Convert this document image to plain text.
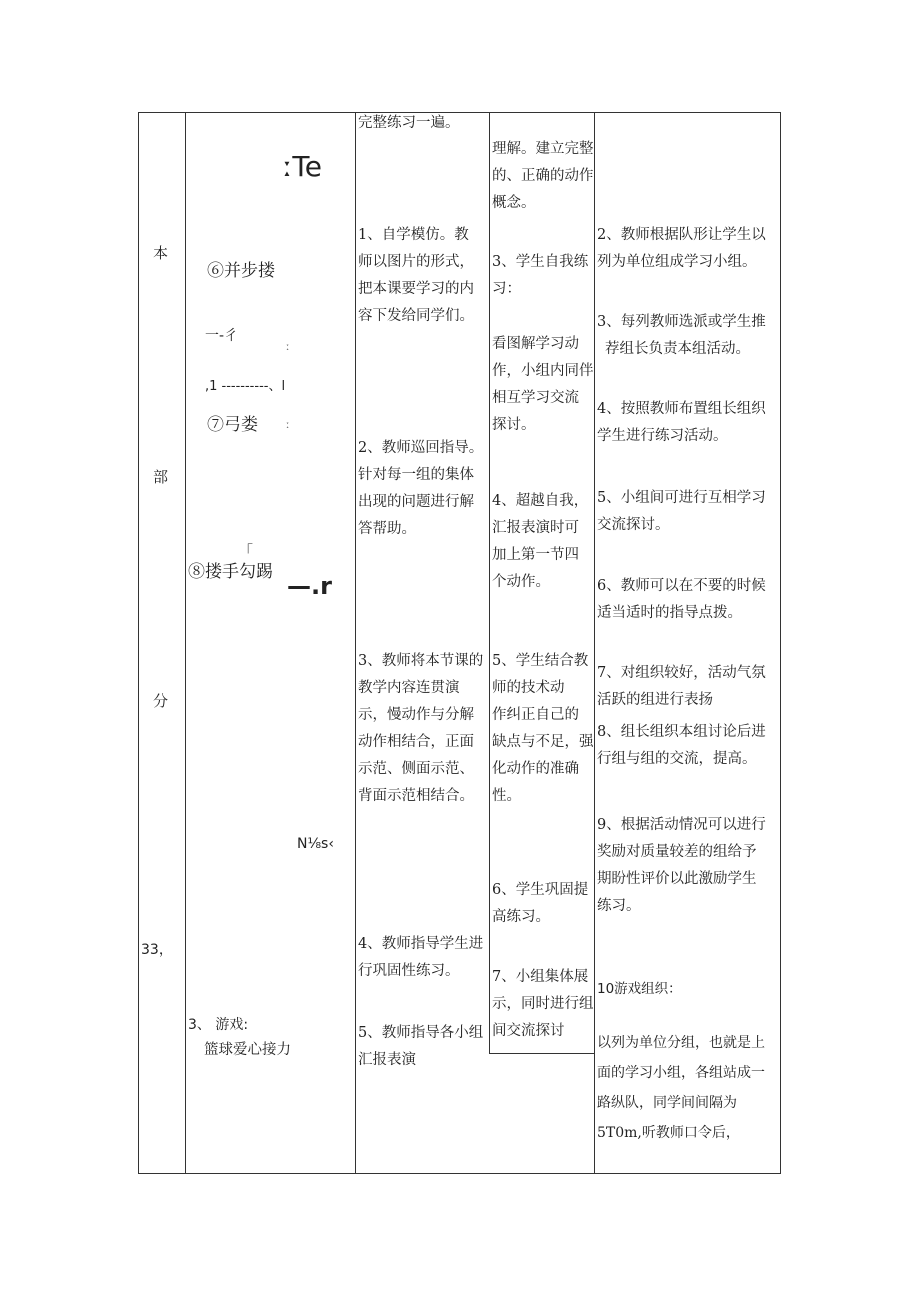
本
部
分
33，
ːTe
⑥并步搂
一-彳
ː
,1 ----------、l
⑦弓娄	ː
「
⑧搂手勾踢 —.r
N⅛s‹
3、 游戏:
篮球爱心接力
完整练习一遍。
1、自学模仿。教
师以图片的形式，
把本课要学习的内
容下发给同学们。
2、教师巡回指导。
针对每一组的集体
出现的问题进行解
答帮助。
3、教师将本节课的
教学内容连贯演
示，慢动作与分解
动作相结合，正面
示范、侧面示范、
背面示范相结合。
4、教师指导学生进
行巩固性练习。
5、教师指导各小组
汇报表演
理解。建立完整
的、正确的动作
概念。
3、学生自我练
习：
看图解学习动
作，小组内同伴
相互学习交流
探讨。
4、超越自我，
汇报表演时可
加上第一节四
个动作。
5、学生结合教
师的技术动
作纠正自己的
缺点与不足，强
化动作的准确
性。
6、学生巩固提
高练习。
7、小组集体展
示，同时进行组
间交流探讨
2、教师根据队形让学生以
列为单位组成学习小组。
3、每列教师选派或学生推
荐组长负责本组活动。
4、按照教师布置组长组织
学生进行练习活动。
5、小组间可进行互相学习
交流探讨。
6、教师可以在不要的时候
适当适时的指导点拨。
7、对组织较好，活动气氛
活跃的组进行表扬
8、组长组织本组讨论后进
行组与组的交流，提高。
9、根据活动情况可以进行
奖励对质量较差的组给予
期盼性评价以此激励学生
练习。
10游戏组织：
以列为单位分组，也就是上
面的学习小组，各组站成一
路纵队，同学间间隔为
5T0m,听教师口令后，
